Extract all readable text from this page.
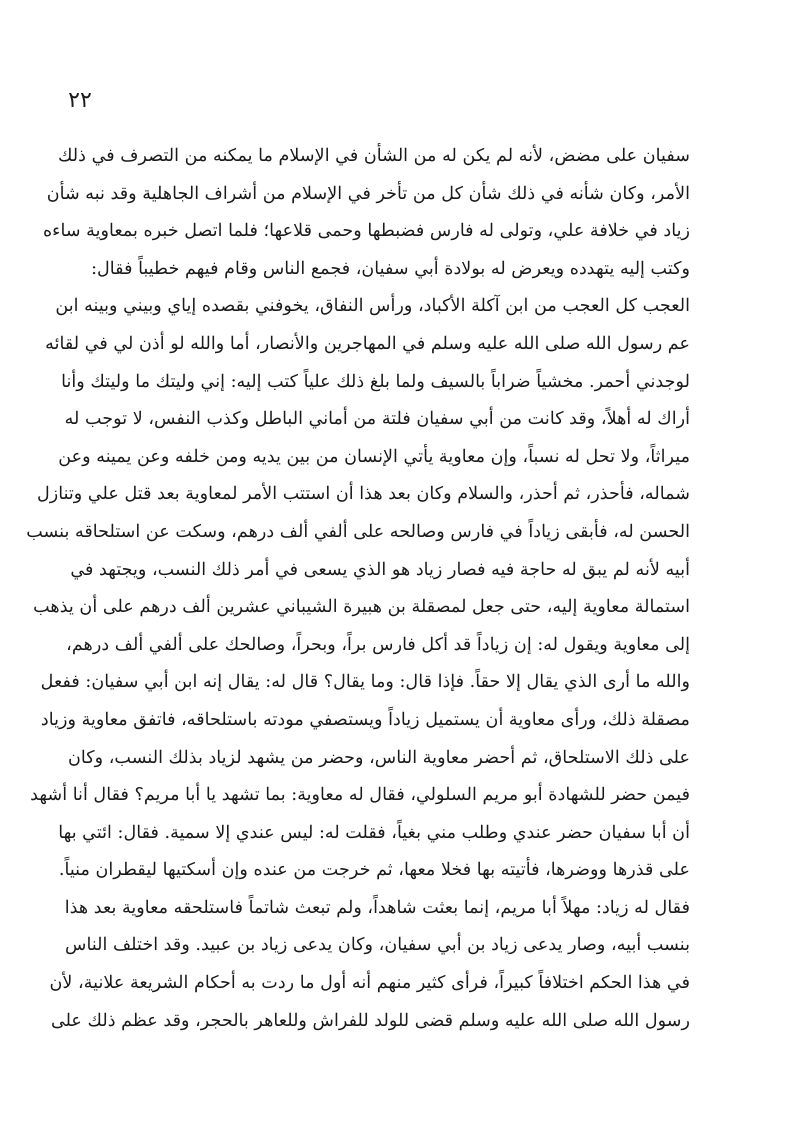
٢٢
سفيان على مضض، لأنه لم يكن له من الشأن في الإسلام ما يمكنه من التصرف في ذلك
الأمر، وكان شأنه في ذلك شأن كل من تأخر في الإسلام من أشراف الجاهلية وقد نبه شأن
زياد في خلافة علي، وتولى له فارس فضبطها وحمى قلاعها؛ فلما اتصل خبره بمعاوية ساءه
وكتب إليه يتهدده ويعرض له بولادة أبي سفيان، فجمع الناس وقام فيهم خطيباً فقال:
العجب كل العجب من ابن آكلة الأكباد، ورأس النفاق، يخوفني بقصده إياي وبيني وبينه ابن
عم رسول الله صلى الله عليه وسلم في المهاجرين والأنصار، أما والله لو أذن لي في لقائه
لوجدني أحمر. مخشياً ضراباً بالسيف ولما بلغ ذلك علياً كتب إليه: إني وليتك ما وليتك وأنا
أراك له أهلاً، وقد كانت من أبي سفيان فلتة من أماني الباطل وكذب النفس، لا توجب له
ميراثاً، ولا تحل له نسباً، وإن معاوية يأتي الإنسان من بين يديه ومن خلفه وعن يمينه وعن
شماله، فأحذر، ثم أحذر، والسلام وكان بعد هذا أن استتب الأمر لمعاوية بعد قتل علي وتنازل
الحسن له، فأبقى زياداً في فارس وصالحه على ألفي ألف درهم، وسكت عن استلحاقه بنسب
أبيه لأنه لم يبق له حاجة فيه فصار زياد هو الذي يسعى في أمر ذلك النسب، ويجتهد في
استمالة معاوية إليه، حتى جعل لمصقلة بن هبيرة الشيباني عشرين ألف درهم على أن يذهب
إلى معاوية ويقول له: إن زياداً قد أكل فارس براً، وبحراً، وصالحك على ألفي ألف درهم،
والله ما أرى الذي يقال إلا حقاً. فإذا قال: وما يقال؟ قال له: يقال إنه ابن أبي سفيان: ففعل
مصقلة ذلك، ورأى معاوية أن يستميل زياداً ويستصفي مودته باستلحاقه، فاتفق معاوية وزياد
على ذلك الاستلحاق، ثم أحضر معاوية الناس، وحضر من يشهد لزياد بذلك النسب، وكان
فيمن حضر للشهادة أبو مريم السلولي، فقال له معاوية: بما تشهد يا أبا مريم؟ فقال أنا أشهد
أن أبا سفيان حضر عندي وطلب مني بغياً، فقلت له: ليس عندي إلا سمية. فقال: ائتي بها
على قذرها ووضرها، فأتيته بها فخلا معها، ثم خرجت من عنده وإن أسكتيها ليقطران منياً.
فقال له زياد: مهلاً أبا مريم، إنما بعثت شاهداً، ولم تبعث شاتماً فاستلحقه معاوية بعد هذا
بنسب أبيه، وصار يدعى زياد بن أبي سفيان، وكان يدعى زياد بن عبيد. وقد اختلف الناس
في هذا الحكم اختلافاً كبيراً، فرأى كثير منهم أنه أول ما ردت به أحكام الشريعة علانية، لأن
رسول الله صلى الله عليه وسلم قضى للولد للفراش وللعاهر بالحجر، وقد عظم ذلك على
